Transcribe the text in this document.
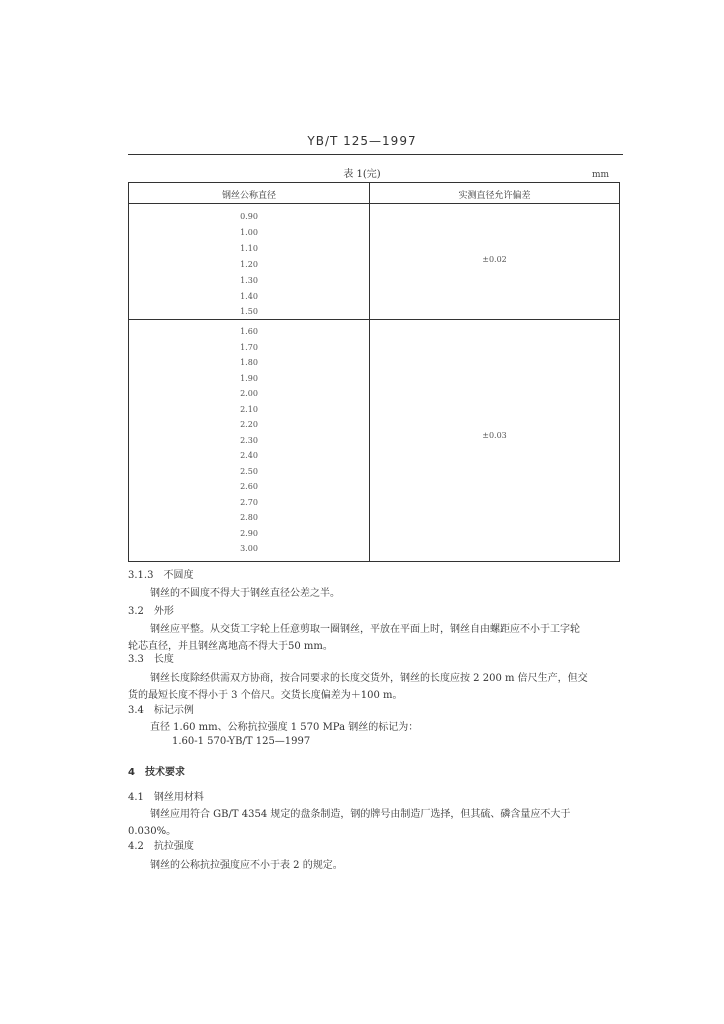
YB/T 125—1997
表 1(完)	mm
钢丝公称直径	实测直径允许偏差
0.90
1.00
1.10
1.20
1.30
1.40
1.50
±0.02
1.60
1.70
1.80
1.90
2.00
2.10
2.20
2.30
2.40
2.50
2.60
2.70
2.80
2.90
3.00
±0.03
3.1.3　不圆度
钢丝的不圆度不得大于钢丝直径公差之半。
3.2　外形
钢丝应平整。从交货工字轮上任意剪取一圈钢丝，平放在平面上时，钢丝自由螺距应不小于工字轮
轮芯直径，并且钢丝离地高不得大于50 mm。
3.3　长度
钢丝长度除经供需双方协商，按合同要求的长度交货外，钢丝的长度应按 2 200 m 倍尺生产，但交
货的最短长度不得小于 3 个倍尺。交货长度偏差为＋100 m。
3.4　标记示例
直径 1.60 mm、公称抗拉强度 1 570 MPa 钢丝的标记为：
1.60-1 570-YB/T 125—1997
4　技术要求
4.1　钢丝用材料
钢丝应用符合 GB/T 4354 规定的盘条制造，钢的牌号由制造厂选择，但其硫、磷含量应不大于
0.030%。
4.2　抗拉强度
钢丝的公称抗拉强度应不小于表 2 的规定。
